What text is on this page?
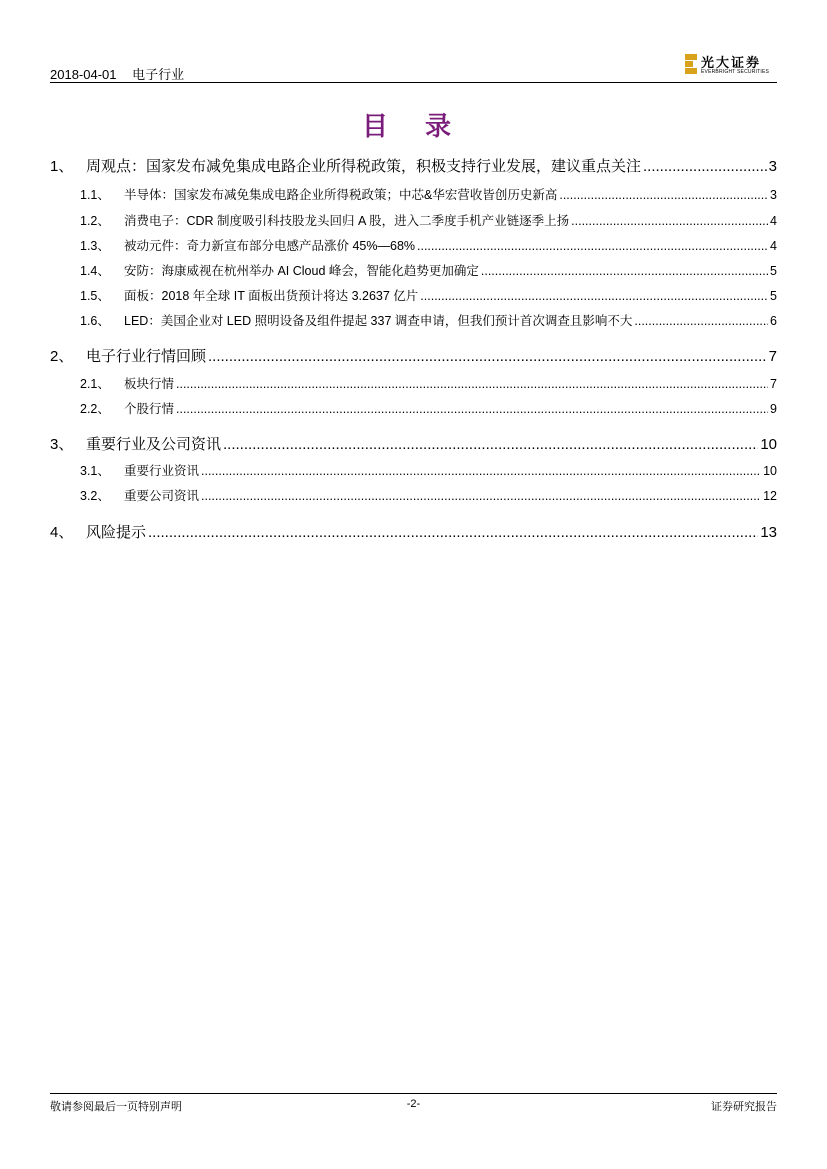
2018-04-01 电子行业
光大证券
EVERBRIGHT SECURITIES
目 录
1、 周观点：国家发布减免集成电路企业所得税政策，积极支持行业发展，建议重点关注 .....	3
1.1、	半导体：国家发布减免集成电路企业所得税政策；中芯&华宏营收皆创历史新高 .....	3
1.2、	消费电子：CDR 制度吸引科技股龙头回归 A 股，进入二季度手机产业链逐季上扬 .....	4
1.3、	被动元件：奇力新宣布部分电感产品涨价 45%—68% .....	4
1.4、	安防：海康威视在杭州举办 AI Cloud 峰会，智能化趋势更加确定 .....	5
1.5、	面板：2018 年全球 IT 面板出货预计将达 3.2637 亿片 .....	5
1.6、	LED：美国企业对 LED 照明设备及组件提起 337 调查申请，但我们预计首次调查且影响不大 .....	6
2、 电子行业行情回顾 .....	7
2.1、	板块行情 .....	7
2.2、	个股行情 .....	9
3、 重要行业及公司资讯 .....	10
3.1、	重要行业资讯 .....	10
3.2、	重要公司资讯 .....	12
4、 风险提示 .....	13
敬请参阅最后一页特别声明	-2-	证券研究报告
